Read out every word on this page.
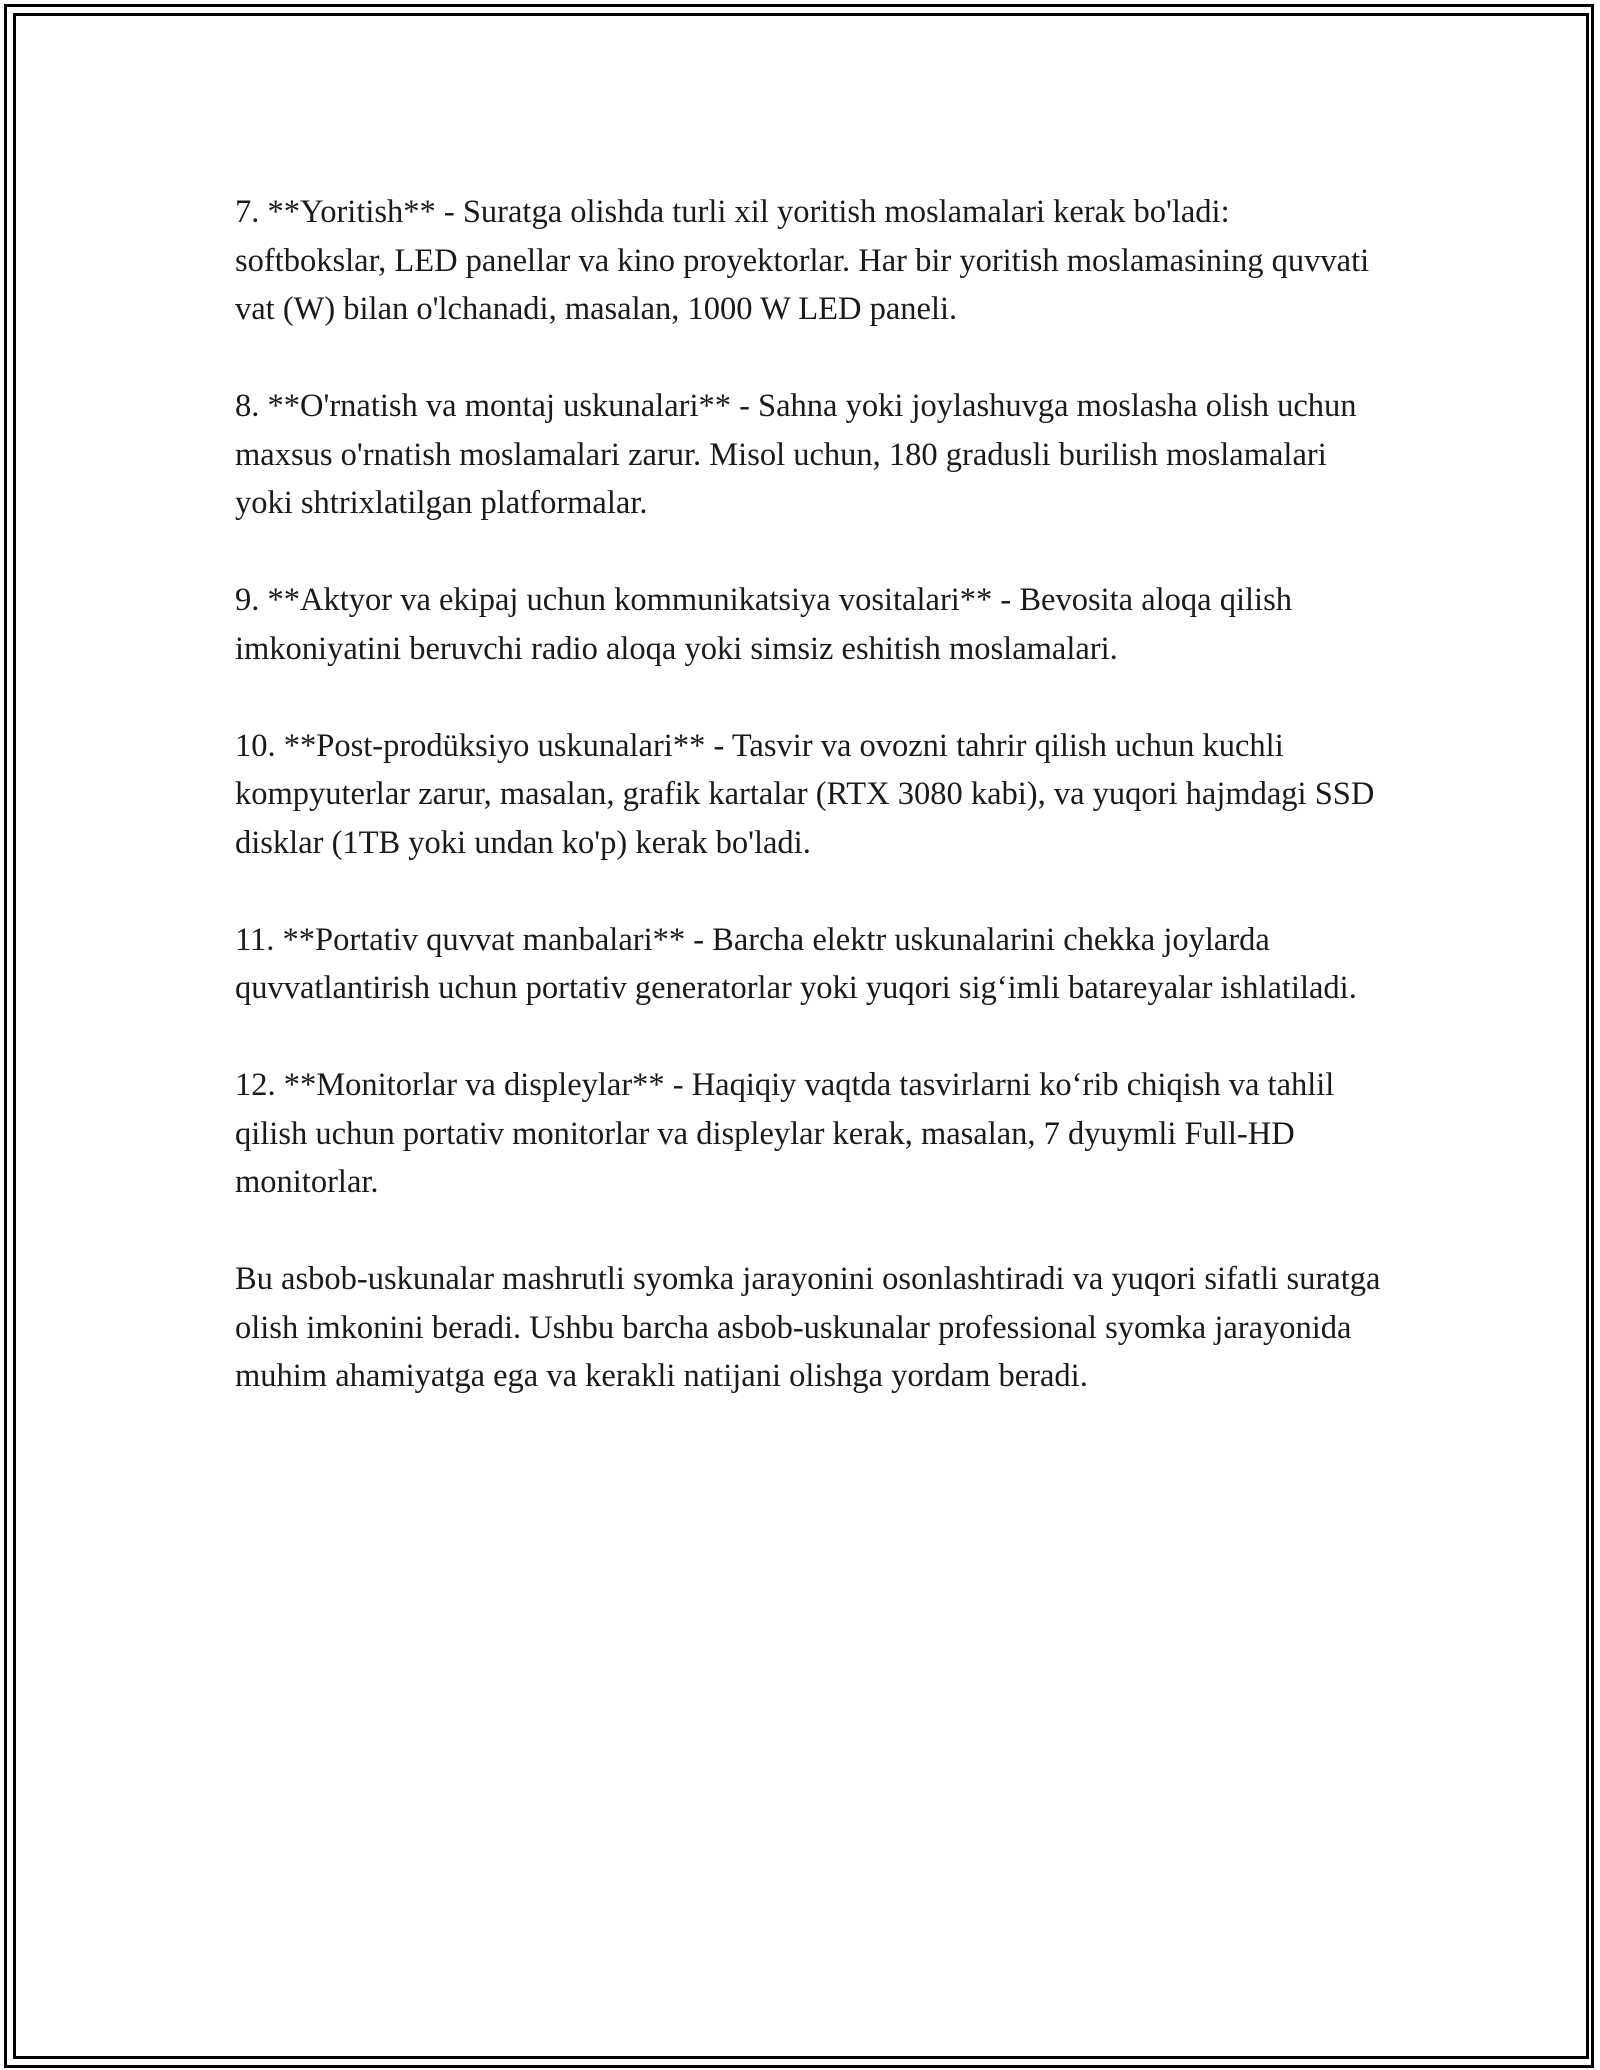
7. **Yoritish** - Suratga olishda turli xil yoritish moslamalari kerak bo'ladi: softbokslar, LED panellar va kino proyektorlar. Har bir yoritish moslamasining quvvati vat (W) bilan o'lchanadi, masalan, 1000 W LED paneli.

8. **O'rnatish va montaj uskunalari** - Sahna yoki joylashuvga moslasha olish uchun maxsus o'rnatish moslamalari zarur. Misol uchun, 180 gradusli burilish moslamalari yoki shtrixlatilgan platformalar.

9. **Aktyor va ekipaj uchun kommunikatsiya vositalari** - Bevosita aloqa qilish imkoniyatini beruvchi radio aloqa yoki simsiz eshitish moslamalari.

10. **Post-prodüksiyo uskunalari** - Tasvir va ovozni tahrir qilish uchun kuchli kompyuterlar zarur, masalan, grafik kartalar (RTX 3080 kabi), va yuqori hajmdagi SSD disklar (1TB yoki undan ko'p) kerak bo'ladi.

11. **Portativ quvvat manbalari** - Barcha elektr uskunalarini chekka joylarda quvvatlantirish uchun portativ generatorlar yoki yuqori sig‘imli batareyalar ishlatiladi.

12. **Monitorlar va displeylar** - Haqiqiy vaqtda tasvirlarni ko‘rib chiqish va tahlil qilish uchun portativ monitorlar va displeylar kerak, masalan, 7 dyuymli Full-HD monitorlar.

Bu asbob-uskunalar mashrutli syomka jarayonini osonlashtiradi va yuqori sifatli suratga olish imkonini beradi. Ushbu barcha asbob-uskunalar professional syomka jarayonida muhim ahamiyatga ega va kerakli natijani olishga yordam beradi.
